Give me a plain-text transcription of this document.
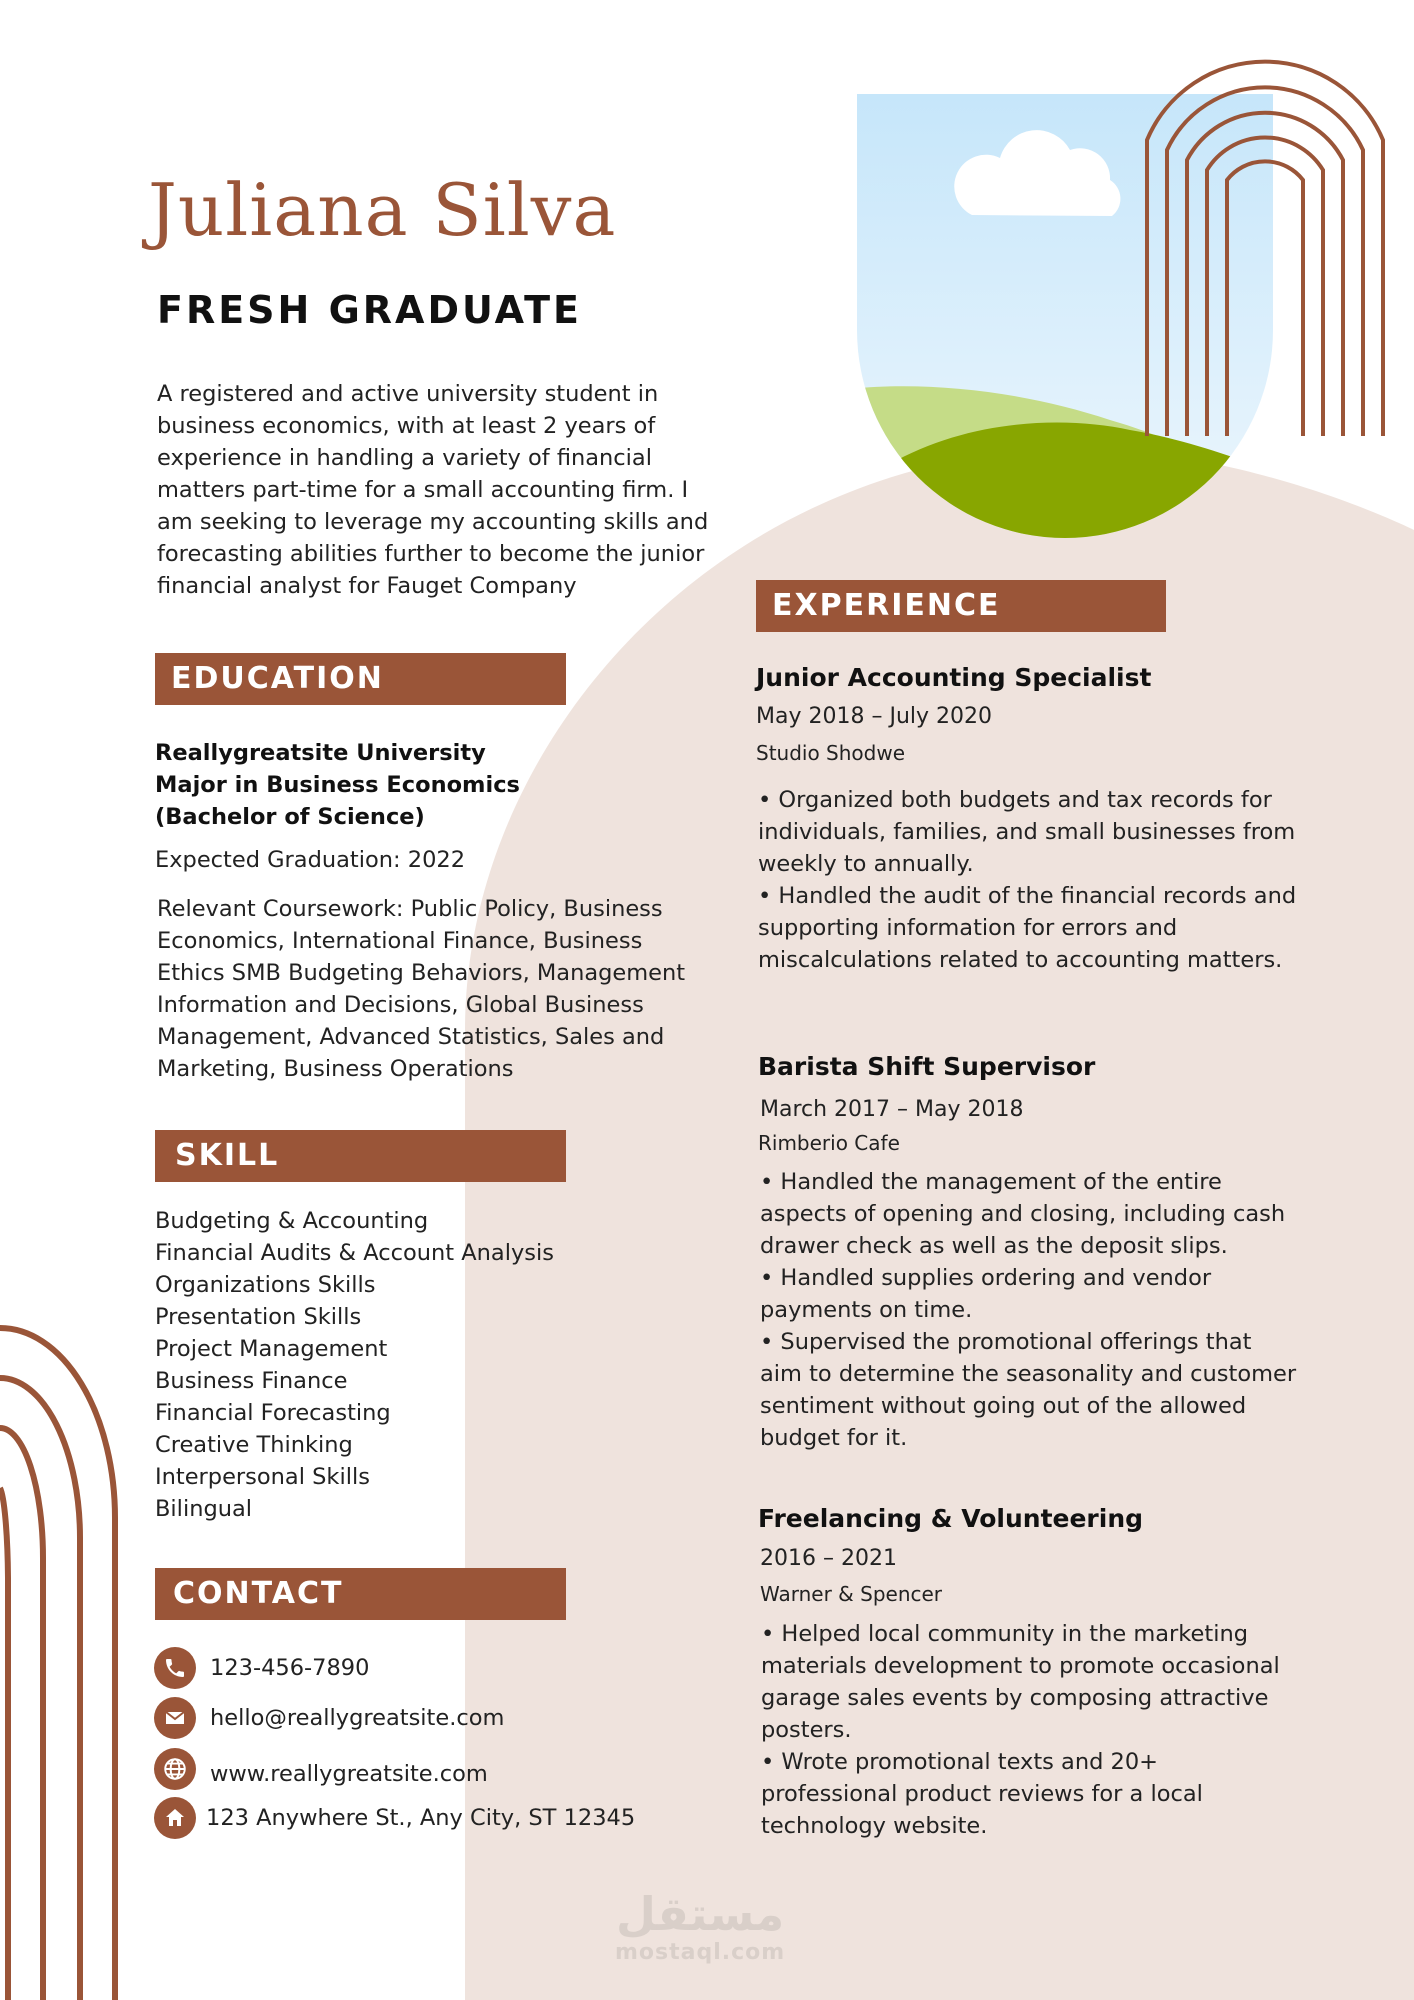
Juliana Silva
FRESH GRADUATE
A registered and active university student in business economics, with at least 2 years of experience in handling a variety of financial matters part-time for a small accounting firm. I am seeking to leverage my accounting skills and forecasting abilities further to become the junior financial analyst for Fauget Company
EDUCATION
Reallygreatsite University
Major in Business Economics
(Bachelor of Science)
Expected Graduation: 2022
Relevant Coursework: Public Policy, Business Economics, International Finance, Business Ethics SMB Budgeting Behaviors, Management Information and Decisions, Global Business Management, Advanced Statistics, Sales and Marketing, Business Operations
SKILL
Budgeting & Accounting
Financial Audits & Account Analysis
Organizations Skills
Presentation Skills
Project Management
Business Finance
Financial Forecasting
Creative Thinking
Interpersonal Skills
Bilingual
CONTACT
123-456-7890
hello@reallygreatsite.com
www.reallygreatsite.com
123 Anywhere St., Any City, ST 12345
EXPERIENCE
Junior Accounting Specialist
May 2018 – July 2020
Studio Shodwe
• Organized both budgets and tax records for individuals, families, and small businesses from weekly to annually.
• Handled the audit of the financial records and supporting information for errors and miscalculations related to accounting matters.
Barista Shift Supervisor
March 2017 – May 2018
Rimberio Cafe
• Handled the management of the entire aspects of opening and closing, including cash drawer check as well as the deposit slips.
• Handled supplies ordering and vendor payments on time.
• Supervised the promotional offerings that aim to determine the seasonality and customer sentiment without going out of the allowed budget for it.
Freelancing & Volunteering
2016 – 2021
Warner & Spencer
• Helped local community in the marketing materials development to promote occasional garage sales events by composing attractive posters.
• Wrote promotional texts and 20+ professional product reviews for a local technology website.
مستقل
mostaql.com
